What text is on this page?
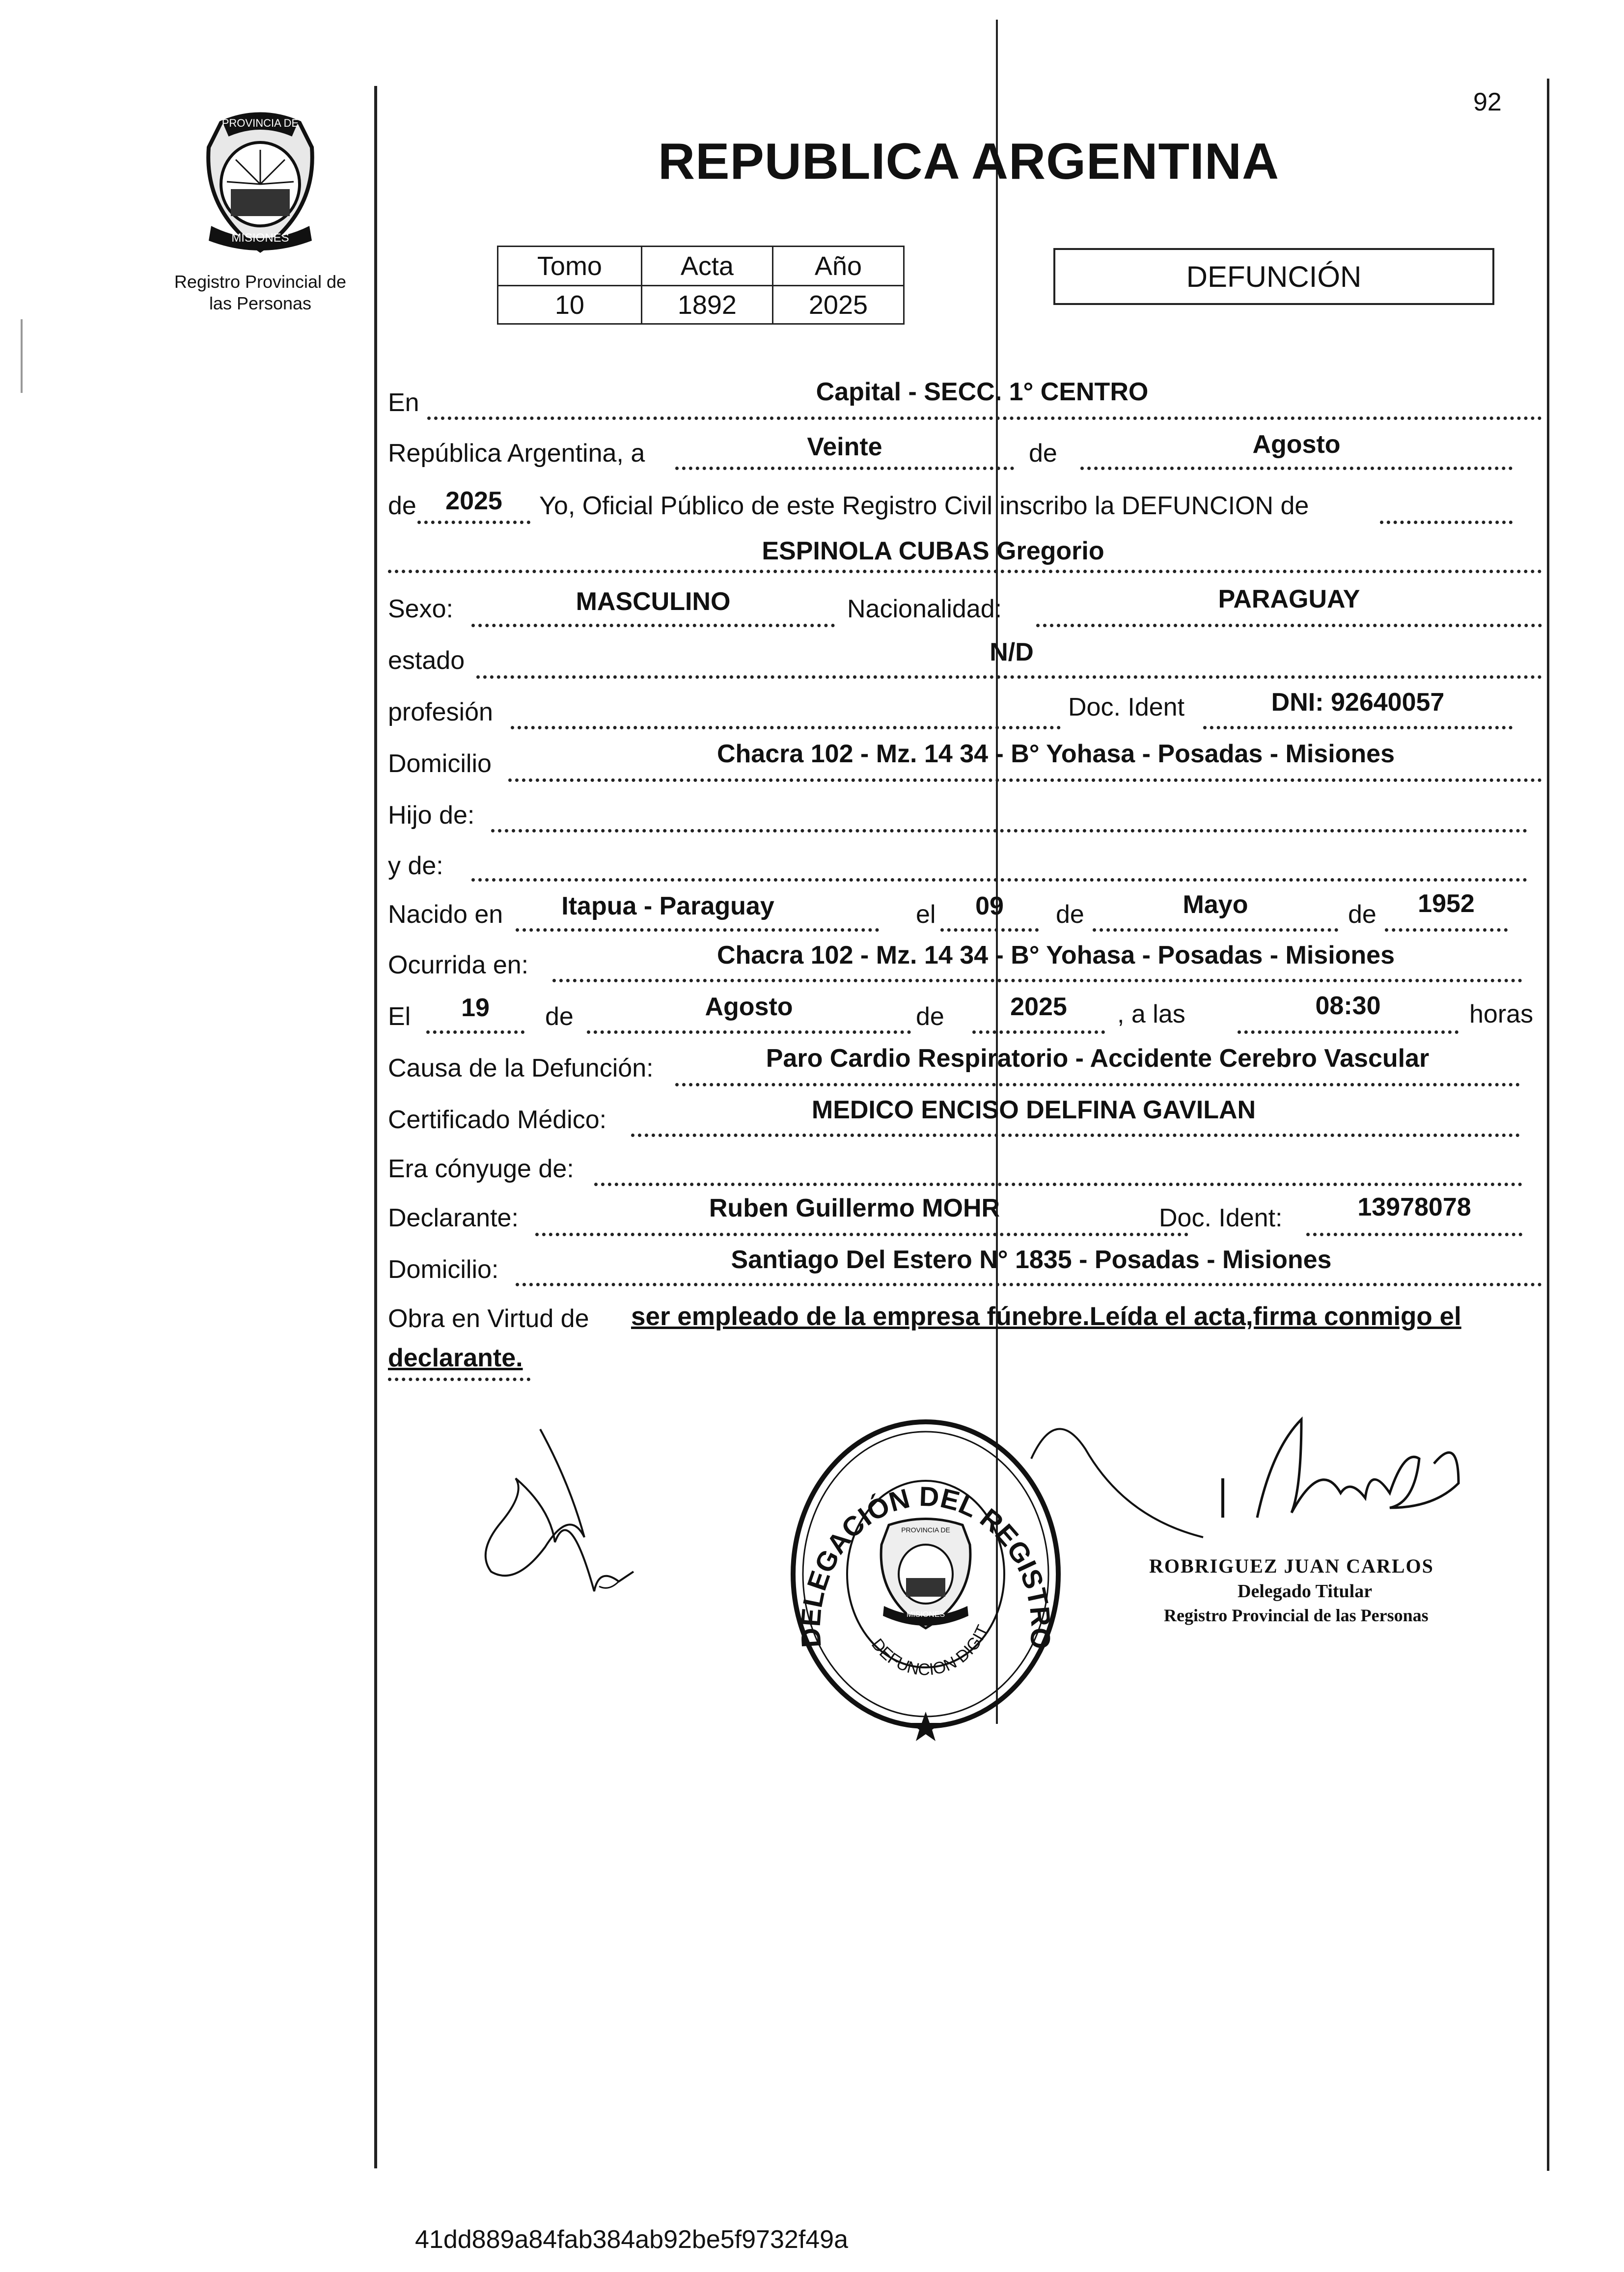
92
PROVINCIA DE
MISIONES
Registro Provincial de
las Personas
REPUBLICA ARGENTINA
Tomo	Acta	Año
10	1892	2025
DEFUNCIÓN
En	Capital - SECC. 1° CENTRO
República Argentina, a	Veinte	de	Agosto
de	2025	Yo, Oficial Público de este Registro Civil inscribo la DEFUNCION de
ESPINOLA CUBAS Gregorio
Sexo:	MASCULINO	Nacionalidad:	PARAGUAY
estado	N/D
profesión	Doc. Ident	DNI: 92640057
Domicilio	Chacra 102 - Mz. 14 34 - B° Yohasa - Posadas - Misiones
Hijo de:
y de:
Nacido en	Itapua - Paraguay	el	09	de	Mayo	de	1952
Ocurrida en:	Chacra 102 - Mz. 14 34 - B° Yohasa - Posadas - Misiones
El	19	de	Agosto	de	2025	, a las	08:30	horas
Causa de la Defunción:	Paro Cardio Respiratorio - Accidente Cerebro Vascular
Certificado Médico:	MEDICO ENCISO DELFINA GAVILAN
Era cónyuge de:
Declarante:	Ruben Guillermo MOHR	Doc. Ident:	13978078
Domicilio:	Santiago Del Estero N° 1835 - Posadas - Misiones
Obra en Virtud de ser empleado de la empresa fúnebre.Leída el acta,firma conmigo el
declarante.
DELEGACIÓN DEL REGISTRO
DEFUNCION DIGIT
PROVINCIA DE
MISIONES
ROBRIGUEZ JUAN CARLOS
Delegado Titular
Registro Provincial de las Personas
41dd889a84fab384ab92be5f9732f49a
